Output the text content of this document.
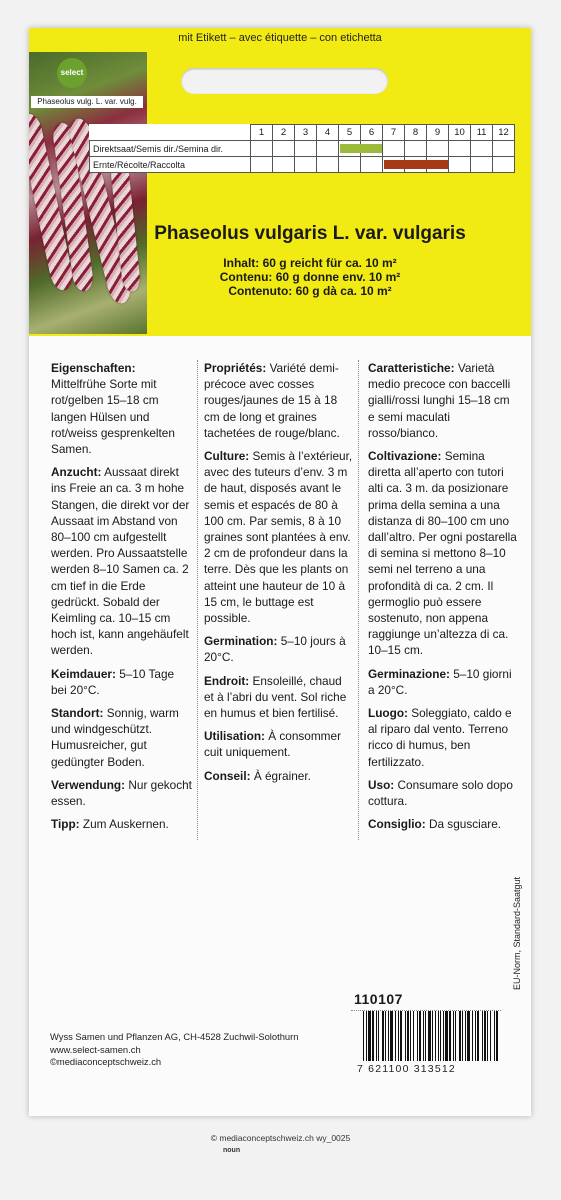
mit Etikett – avec étiquette – con etichetta
select
Phaseolus vulg. L. var. vulg.
	1	2	3	4	5	6	7	8	9	10	11	12
Direktsaat/Semis dir./Semina dir.												
Ernte/Récolte/Raccolta												
Phaseolus vulgaris L. var. vulgaris
Inhalt: 60 g reicht für ca. 10 m²
Contenu: 60 g donne env. 10 m²
Contenuto: 60 g dà ca. 10 m²

Eigenschaften: Mittelfrühe Sorte mit rot/gelben 15–18 cm langen Hülsen und rot/weiss gesprenkelten Samen.

Anzucht: Aussaat direkt ins Freie an ca. 3 m hohe Stangen, die direkt vor der Aussaat im Abstand von 80–100 cm aufgestellt werden. Pro Aussaatstelle werden 8–10 Samen ca. 2 cm tief in die Erde gedrückt. Sobald der Keimling ca. 10–15 cm hoch ist, kann angehäufelt werden.

Keimdauer: 5–10 Tage bei 20°C.

Standort: Sonnig, warm und windgeschützt. Humusreicher, gut gedüngter Boden.

Verwendung: Nur gekocht essen.

Tipp: Zum Auskernen.

Propriétés: Variété demi-précoce avec cosses rouges/jaunes de 15 à 18 cm de long et graines tachetées de rouge/blanc.

Culture: Semis à l’extérieur, avec des tuteurs d’env. 3 m de haut, disposés avant le semis et espacés de 80 à 100 cm. Par semis, 8 à 10 graines sont plantées à env. 2 cm de profondeur dans la terre. Dès que les plants on atteint une hauteur de 10 à 15 cm, le buttage est possible.

Germination: 5–10 jours à 20°C.

Endroit: Ensoleillé, chaud et à l’abri du vent. Sol riche en humus et bien fertilisé.

Utilisation: À consommer cuit uniquement.

Conseil: À égrainer.

Caratteristiche: Varietà medio precoce con baccelli gialli/rossi lunghi 15–18 cm e semi maculati rosso/bianco.

Coltivazione: Semina diretta all’aperto con tutori alti ca. 3 m. da posizionare prima della semina a una distanza di 80–100 cm uno dall’altro. Per ogni postarella di semina si mettono 8–10 semi nel terreno a una profondità di ca. 2 cm. Il germoglio può essere sostenuto, non appena raggiunge un’altezza di ca. 10–15 cm.

Germinazione: 5–10 giorni a 20°C.

Luogo: Soleggiato, caldo e al riparo dal vento. Terreno ricco di humus, ben fertilizzato.

Uso: Consumare solo dopo cottura.

Consiglio: Da sgusciare.

110107
Wyss Samen und Pflanzen AG, CH-4528 Zuchwil-Solothurn
www.select-samen.ch
©mediaconceptschweiz.ch
7 621100 313512
EU-Norm, Standard-Saatgut
© mediaconceptschweiz.ch wy_0025
noun
